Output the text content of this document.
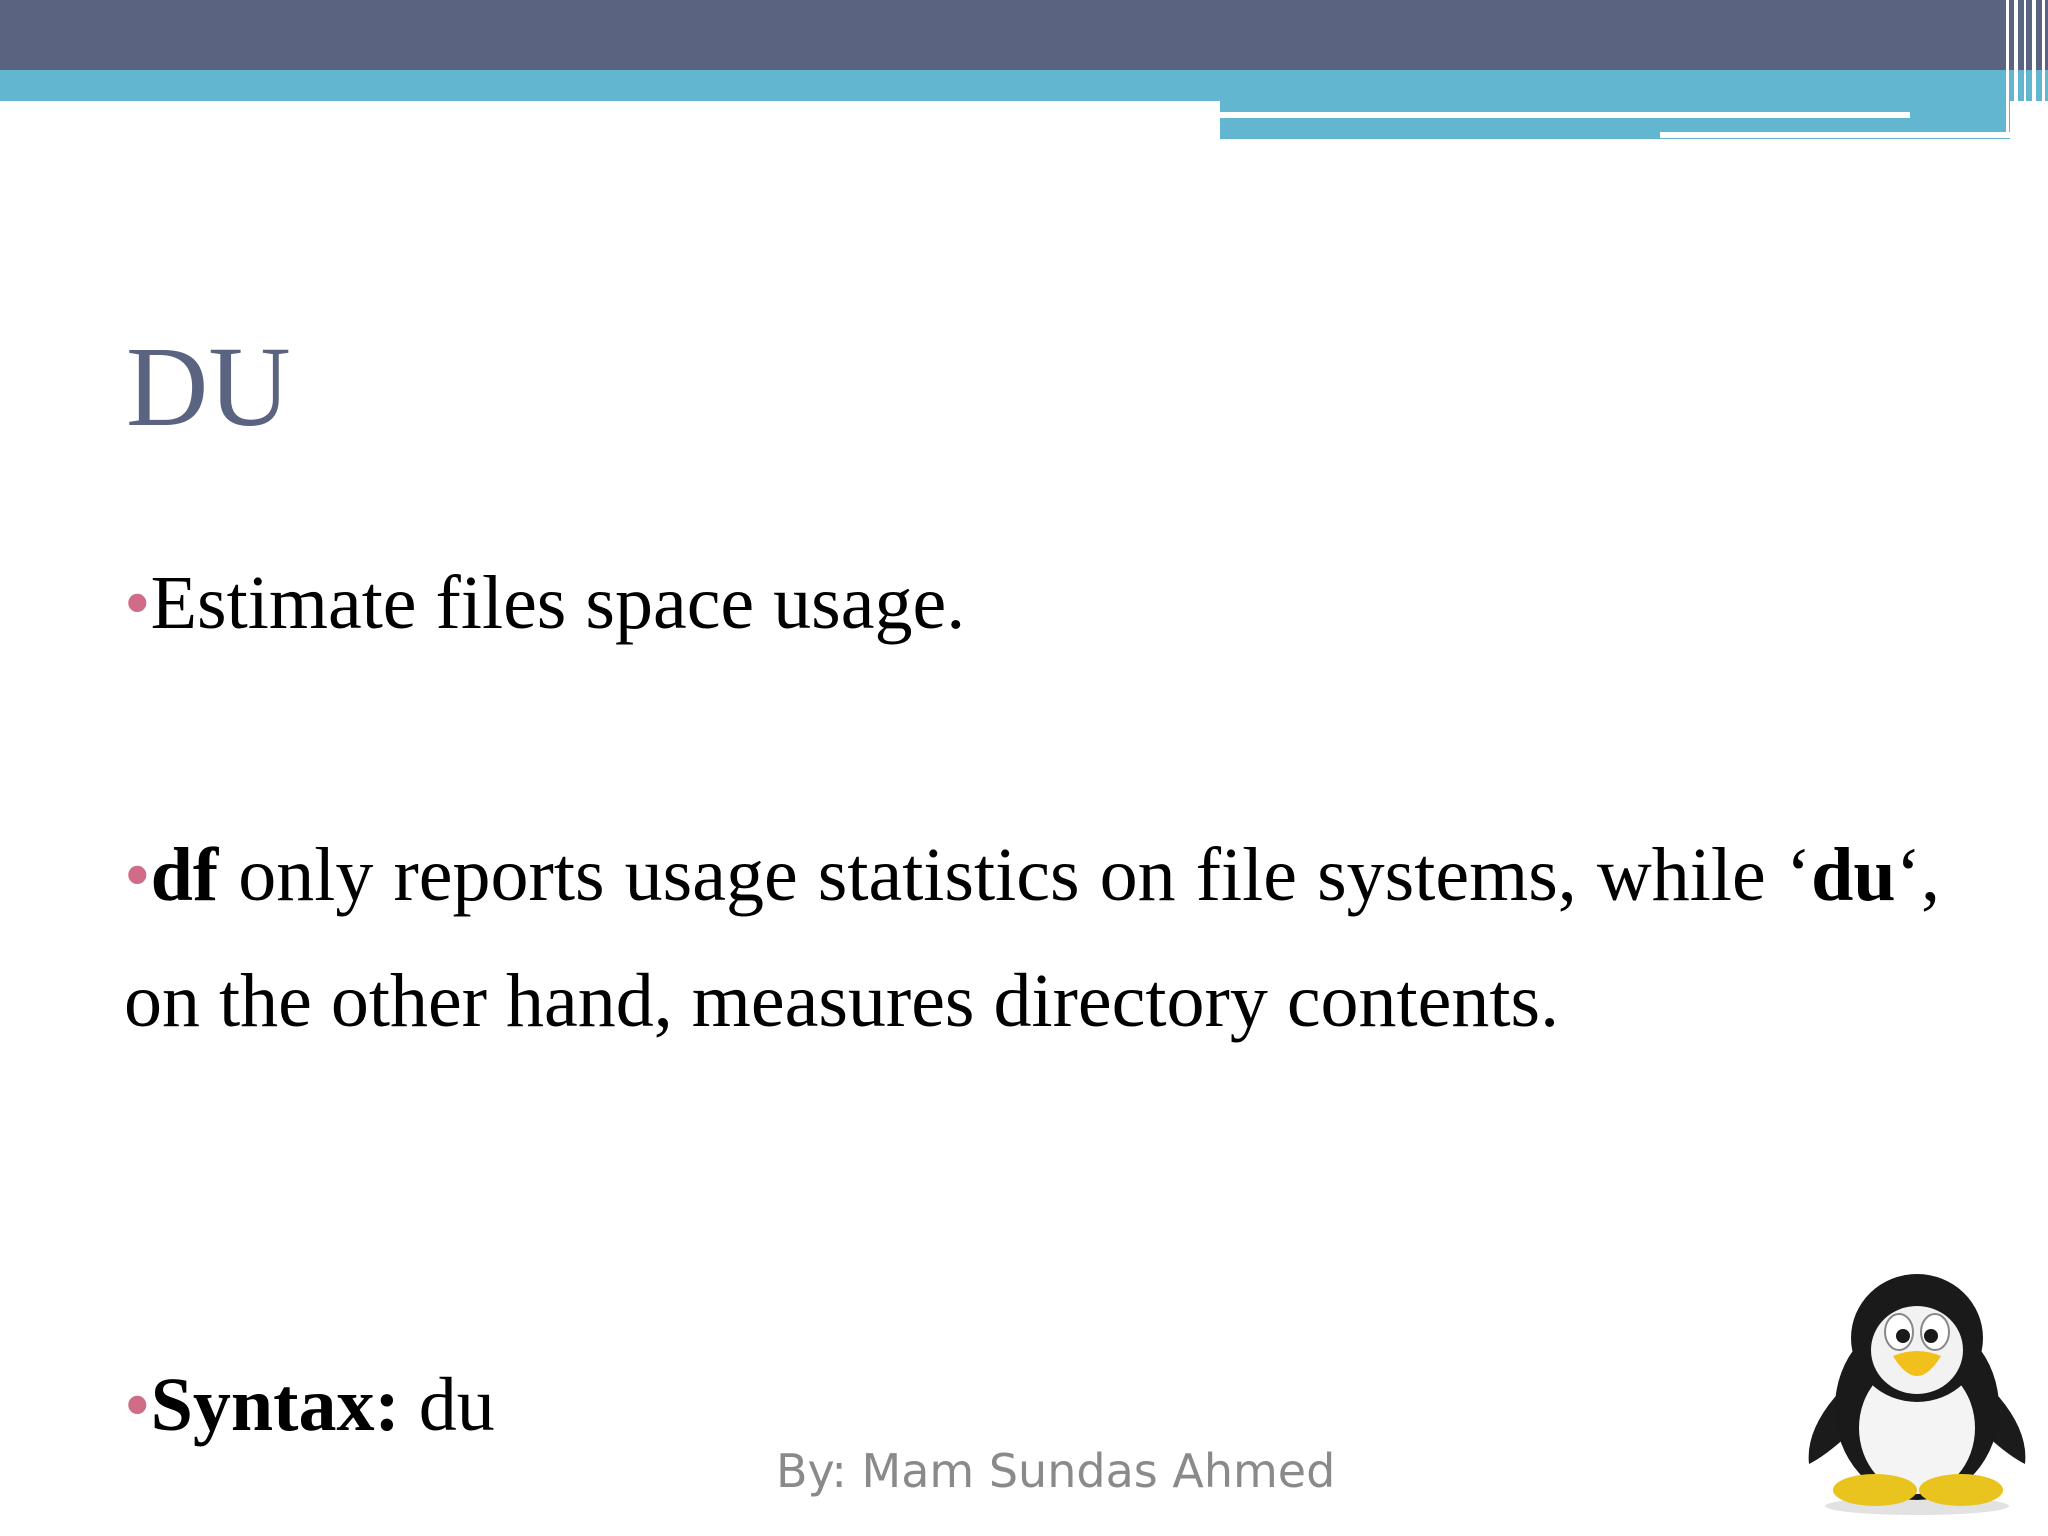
DU
•Estimate files space usage.
•df only reports usage statistics on file systems, while ‘du‘, on the other hand, measures directory contents.
•Syntax: du
By: Mam Sundas Ahmed
